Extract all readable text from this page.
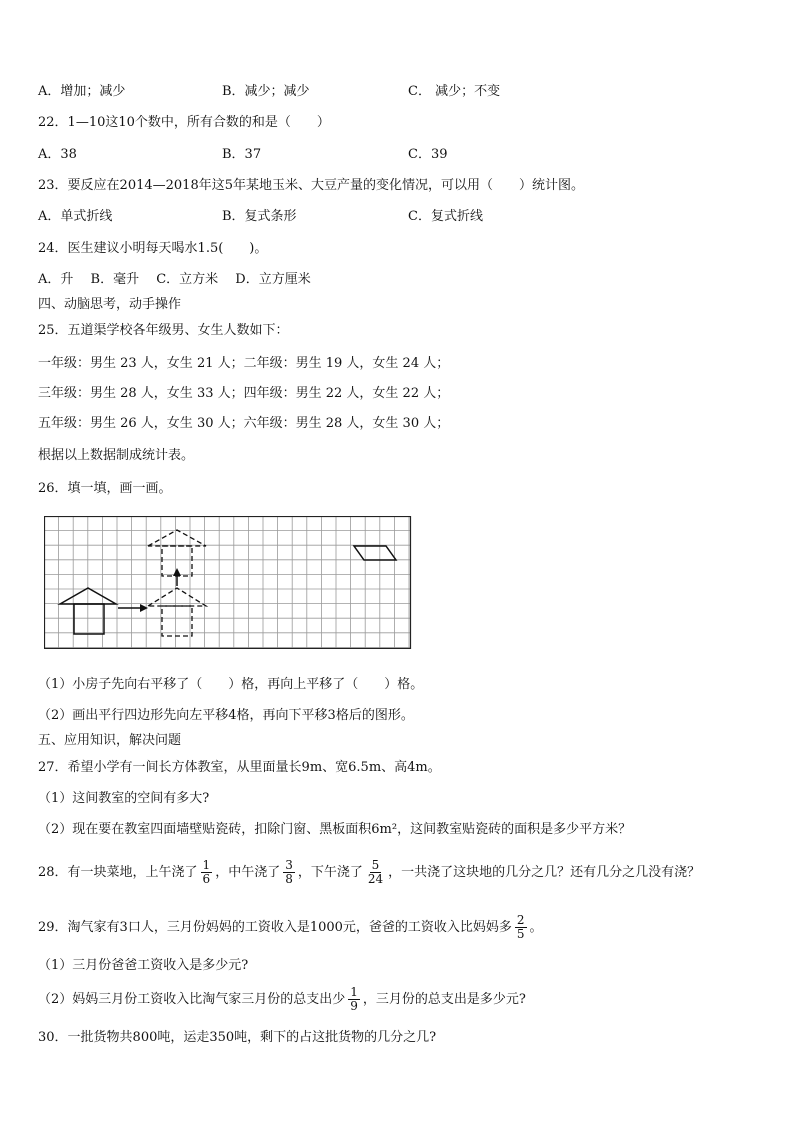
A．增加；减少	B．减少；减少	C． 减少；不变
22．1—10这10个数中，所有合数的和是（　　）
A．38	B．37	C．39
23．要反应在2014—2018年这5年某地玉米、大豆产量的变化情况，可以用（　　）统计图。
A．单式折线	B．复式条形	C．复式折线
24．医生建议小明每天喝水1.5(　　)。
A．升　 B．毫升　 C．立方米　 D．立方厘米
四、动脑思考，动手操作
25．五道渠学校各年级男、女生人数如下：
一年级：男生 23 人，女生 21 人；二年级：男生 19 人，女生 24 人；
三年级：男生 28 人，女生 33 人；四年级：男生 22 人，女生 22 人；
五年级：男生 26 人，女生 30 人；六年级：男生 28 人，女生 30 人；
根据以上数据制成统计表。
26．填一填，画一画。
（1）小房子先向右平移了（　　）格，再向上平移了（　　）格。
（2）画出平行四边形先向左平移4格，再向下平移3格后的图形。
五、应用知识，解决问题
27．希望小学有一间长方体教室，从里面量长9m、宽6.5m、高4m。
（1）这间教室的空间有多大?
（2）现在要在教室四面墙壁贴瓷砖，扣除门窗、黑板面积6m²，这间教室贴瓷砖的面积是多少平方米？
28．有一块菜地，上午浇了 $\frac{1}{6}$ ，中午浇了 $\frac{3}{8}$ ，下午浇了 $\frac{5}{24}$ ，一共浇了这块地的几分之几？还有几分之几没有浇？
29．淘气家有3口人，三月份妈妈的工资收入是1000元，爸爸的工资收入比妈妈多 $\frac{2}{5}$ 。
（1）三月份爸爸工资收入是多少元?
（2）妈妈三月份工资收入比淘气家三月份的总支出少 $\frac{1}{9}$ ，三月份的总支出是多少元?
30．一批货物共800吨，运走350吨，剩下的占这批货物的几分之几?
